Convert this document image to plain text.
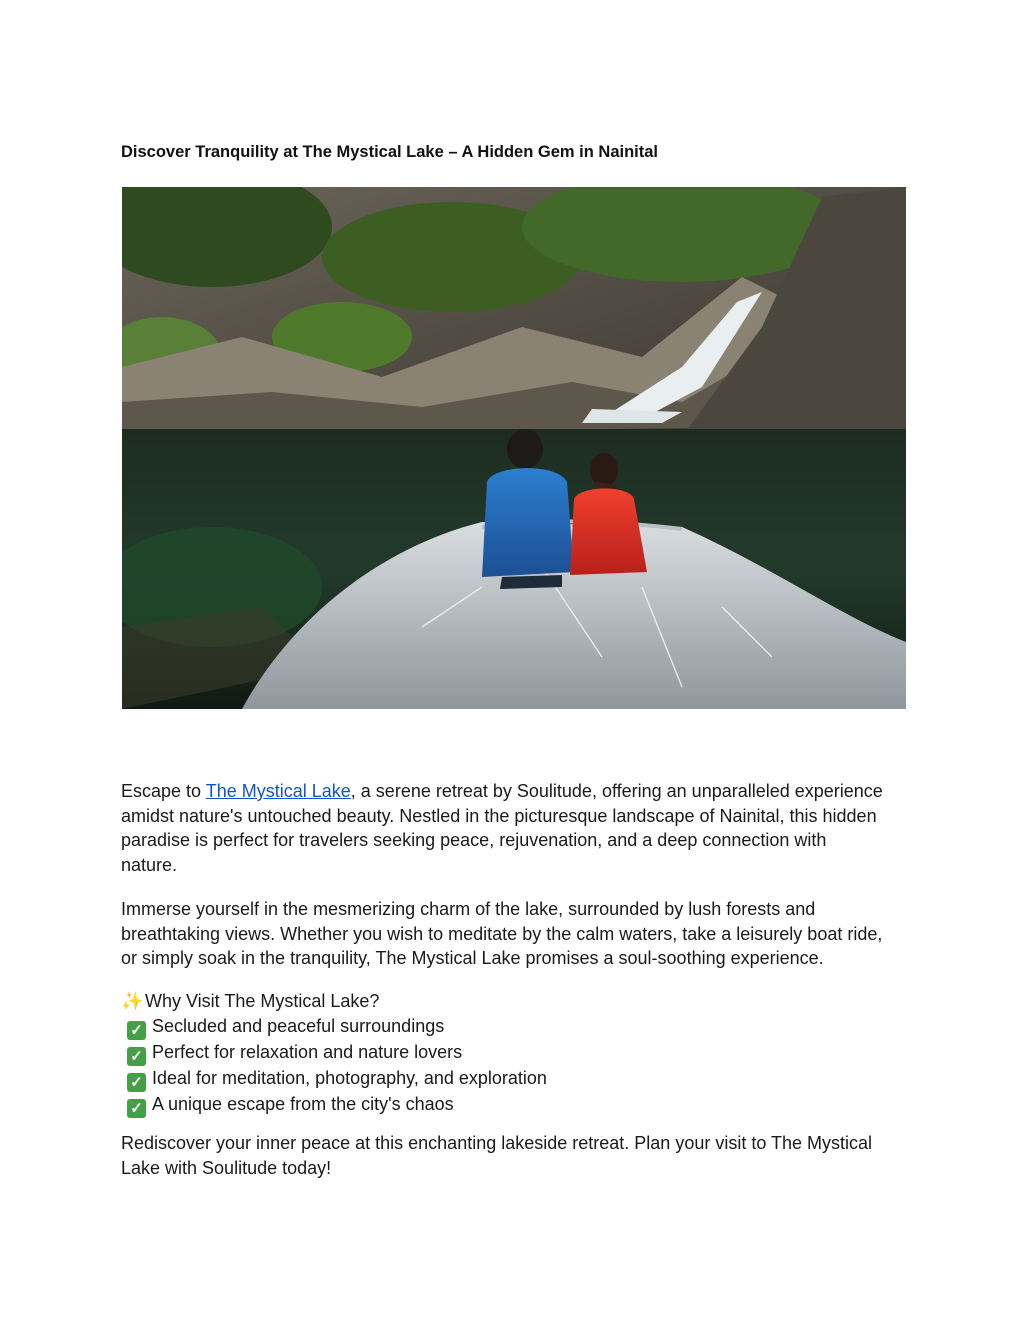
Discover Tranquility at The Mystical Lake – A Hidden Gem in Nainital

Escape to The Mystical Lake, a serene retreat by Soulitude, offering an unparalleled experience
amidst nature's untouched beauty. Nestled in the picturesque landscape of Nainital, this hidden
paradise is perfect for travelers seeking peace, rejuvenation, and a deep connection with
nature.

Immerse yourself in the mesmerizing charm of the lake, surrounded by lush forests and
breathtaking views. Whether you wish to meditate by the calm waters, take a leisurely boat ride,
or simply soak in the tranquility, The Mystical Lake promises a soul-soothing experience.

✨Why Visit The Mystical Lake?
✓ Secluded and peaceful surroundings
✓ Perfect for relaxation and nature lovers
✓ Ideal for meditation, photography, and exploration
✓ A unique escape from the city's chaos

Rediscover your inner peace at this enchanting lakeside retreat. Plan your visit to The Mystical
Lake with Soulitude today!
